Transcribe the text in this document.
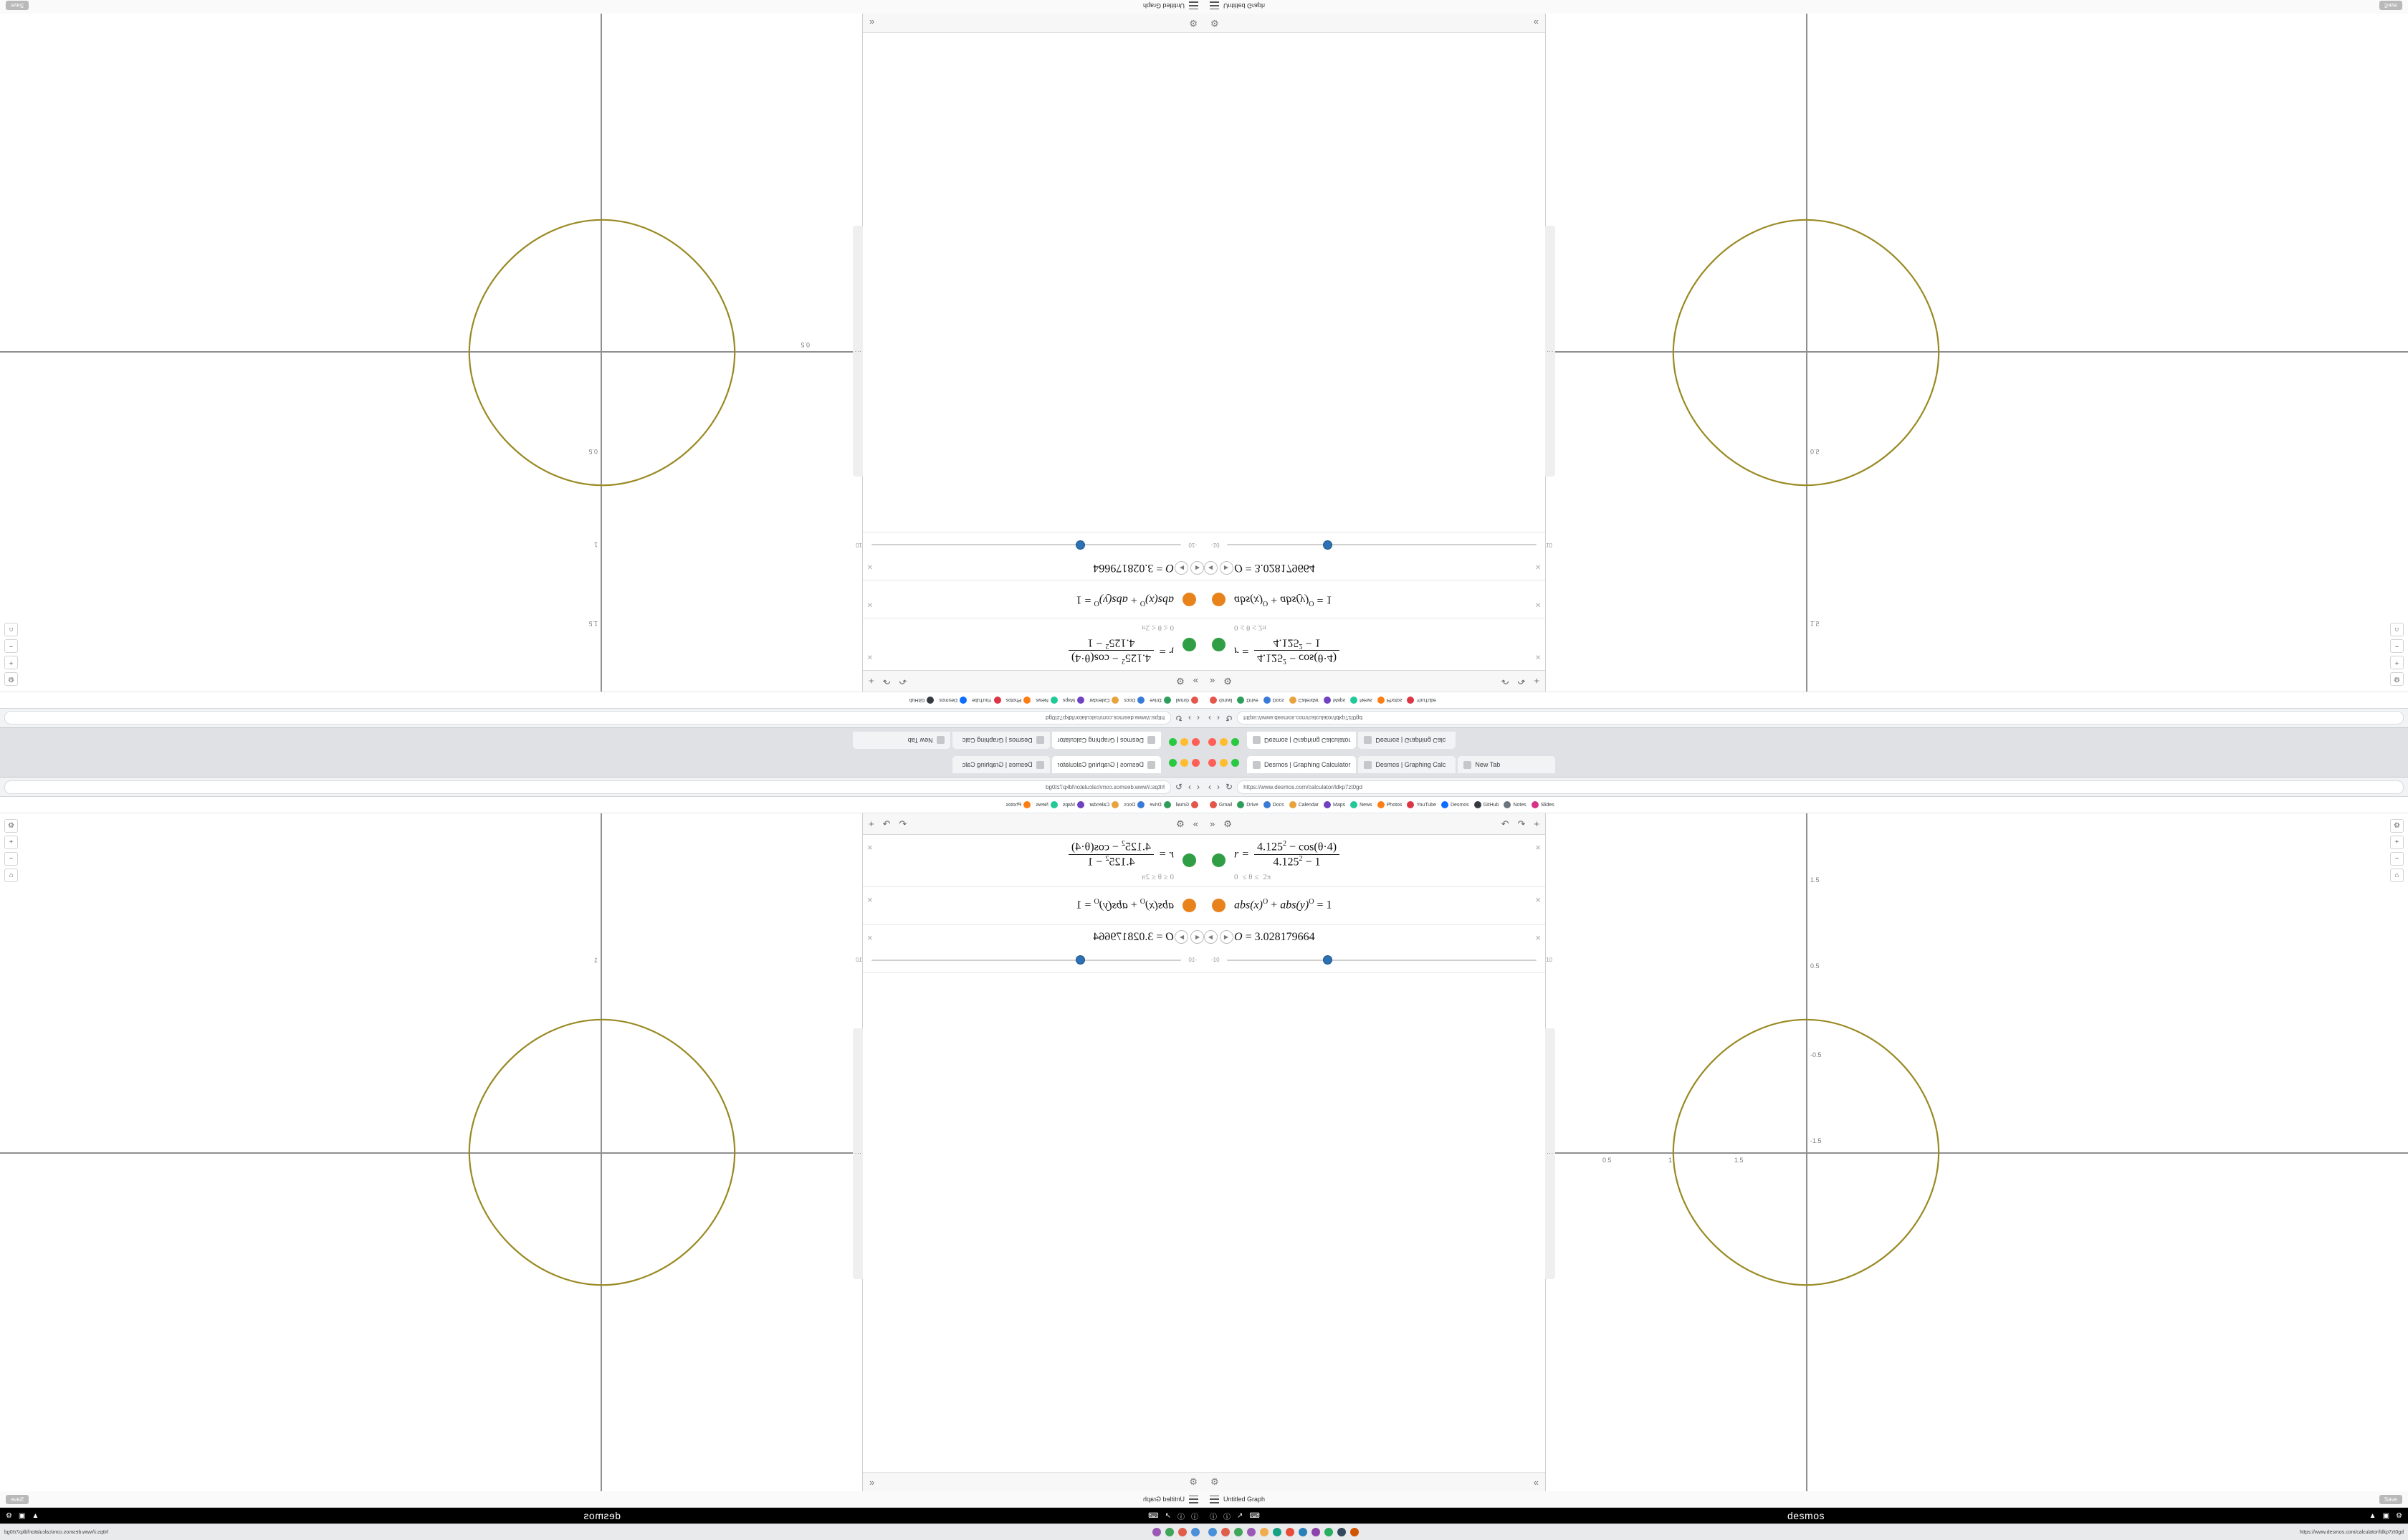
Desmos | Graphing Calculator
Desmos | Graphing Calc
New Tab
‹
›
↻
https://www.desmos.com/calculator/ldkp7zt0gd
Gmail
Drive
Docs
Calendar
Maps
News
Photos
YouTube
Desmos
GitHub
0.5
1.5
1
0.5
⚙
+
−
⌂
»
⚙
↶
↷
+
r =
$4.125^2 - \cos(\theta\cdot 4)$
$4.125^2 - 1$
0 ≤ θ ≤ 2π
×
$abs(x)^O + abs(y)^O = 1$
×
◀
▶
O = 3.028179664
×
-10
10
⚙
«
⋮
Untitled Graph
Save
Desmos | Graphing Calculator	Desmos | Graphing Calc
‹ › ↻ https://www.desmos.com/calculator/ldkp7zt0gd
Gmail	Drive	Docs	Calendar	Maps	News	Photos	YouTube
1.5
0.5
⚙
+
−
⌂
» ⚙	↶ ↷ +
r =
$4.125^2 - \cos(\theta\cdot 4)$
$4.125^2 - 1$
0 ≤ θ ≤ 2π
×
$abs(x)^O + abs(y)^O = 1$	×
◀	▶ O = 3.028179664	×
-10	10
⚙	«
⋮
Untitled Graph	Save
Desmos | Graphing Calculator
Desmos | Graphing Calc
‹
›
↻
https://www.desmos.com/calculator/ldkp7zt0gd
Gmail
Drive
Docs
Calendar
Maps
News
Photos
1
⚙
+
−
⌂
»
⚙
↶
↷
+
r =
$\frac{4.125^2 - \cos(\theta\cdot 4)}{4.125^2 - 1}$
0 ≤ θ ≤ 2π
×
$abs(x)^O + abs(y)^O = 1$
×
◀
▶
O = 3.028179664
×
-10
10
⚙
«
⋮
Untitled Graph
Save
ⓘ
ⓘ
↗
⌨
desmos
▲
▣
⚙
https://www.desmos.com/calculator/ldkp7zt0gd
Desmos | Graphing Calculator	Desmos | Graphing Calc	New Tab
‹ › ↻ https://www.desmos.com/calculator/ldkp7zt0gd
Gmail	Drive	Docs	Calendar	Maps	News	Photos	YouTube	Desmos	GitHub	Notes	Slides
0.5	1	1.5
1.5
0.5
-0.5
-1.5
⚙
+
−
⌂
» ⚙	↶ ↷ +
$r = \frac{4.125^2 - \cos(\theta\cdot 4)}{4.125^2 - 1}$
0 ≤ θ ≤ 2π
×
$abs(x)^O + abs(y)^O = 1$	×
◀	▶ O = 3.028179664	×
-10	10
⚙	«
⋮
Untitled Graph	Save
ⓘ ⓘ ↗ ⌨	desmos	▲ ▣ ⚙
https://www.desmos.com/calculator/ldkp7zt0gd
